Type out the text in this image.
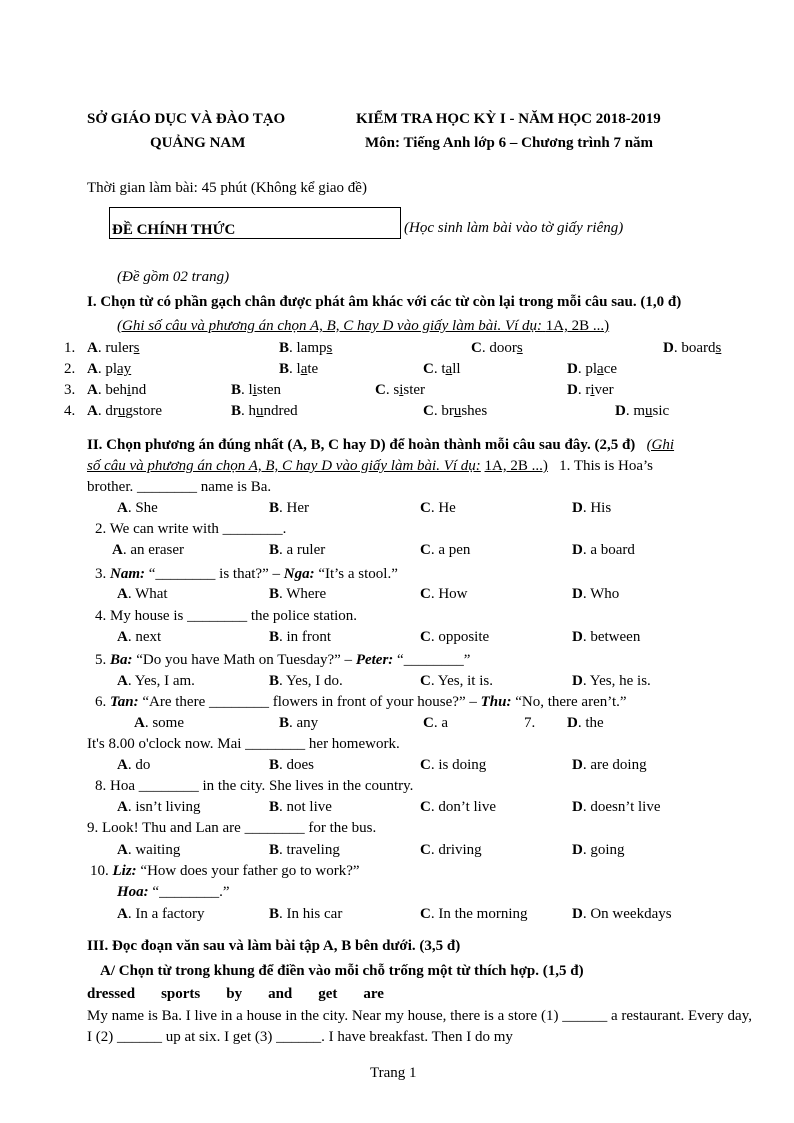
SỞ GIÁO DỤC VÀ ĐÀO TẠO
QUẢNG NAM
KIỂM TRA HỌC KỲ I - NĂM HỌC 2018-2019
Môn: Tiếng Anh lớp 6 – Chương trình 7 năm
Thời gian làm bài: 45 phút (Không kể giao đề)
ĐỀ CHÍNH THỨC	(Học sinh làm bài vào tờ giấy riêng)
(Đề gồm 02 trang)
I. Chọn từ có phần gạch chân được phát âm khác với các từ còn lại trong mỗi câu sau. (1,0 đ)
(Ghi số câu và phương án chọn A, B, C hay D vào giấy làm bài. Ví dụ: 1A, 2B ...)
1. A. rulers	B. lamps	C. doors	D. boards
2. A. play	B. late	C. tall	D. place
3. A. behind	B. listen	C. sister	D. river
4. A. drugstore	B. hundred	C. brushes	D. music
II. Chọn phương án đúng nhất (A, B, C hay D) để hoàn thành mỗi câu sau đây. (2,5 đ) (Ghi
số câu và phương án chọn A, B, C hay D vào giấy làm bài. Ví dụ: 1A, 2B ...) 1. This is Hoa’s
brother. ________ name is Ba.
A. She	B. Her	C. He	D. His
2. We can write with ________.
A. an eraser	B. a ruler	C. a pen	D. a board
3. Nam: “________ is that?” – Nga: “It’s a stool.”
A. What	B. Where	C. How	D. Who
4. My house is ________ the police station.
A. next	B. in front	C. opposite	D. between
5. Ba: “Do you have Math on Tuesday?” – Peter: “________”
A. Yes, I am.	B. Yes, I do.	C. Yes, it is.	D. Yes, he is.
6. Tan: “Are there ________ flowers in front of your house?” – Thu: “No, there aren’t.”
A. some	B. any	C. a	D. the
7.
It's 8.00 o'clock now. Mai ________ her homework.
A. do	B. does	C. is doing	D. are doing
8. Hoa ________ in the city. She lives in the country.
A. isn’t living	B. not live	C. don’t live	D. doesn’t live
9. Look! Thu and Lan are ________ for the bus.
A. waiting	B. traveling	C. driving	D. going
10. Liz: “How does your father go to work?”
Hoa: “________.”
A. In a factory	B. In his car	C. In the morning	D. On weekdays
III. Đọc đoạn văn sau và làm bài tập A, B bên dưới. (3,5 đ)
A/ Chọn từ trong khung để điền vào mỗi chỗ trống một từ thích hợp. (1,5 đ)
dressed sports by and get are
My name is Ba. I live in a house in the city. Near my house, there is a store (1) ______ a restaurant. Every day, I (2) ______ up at six. I get (3) ______. I have breakfast. Then I do my
Trang 1
